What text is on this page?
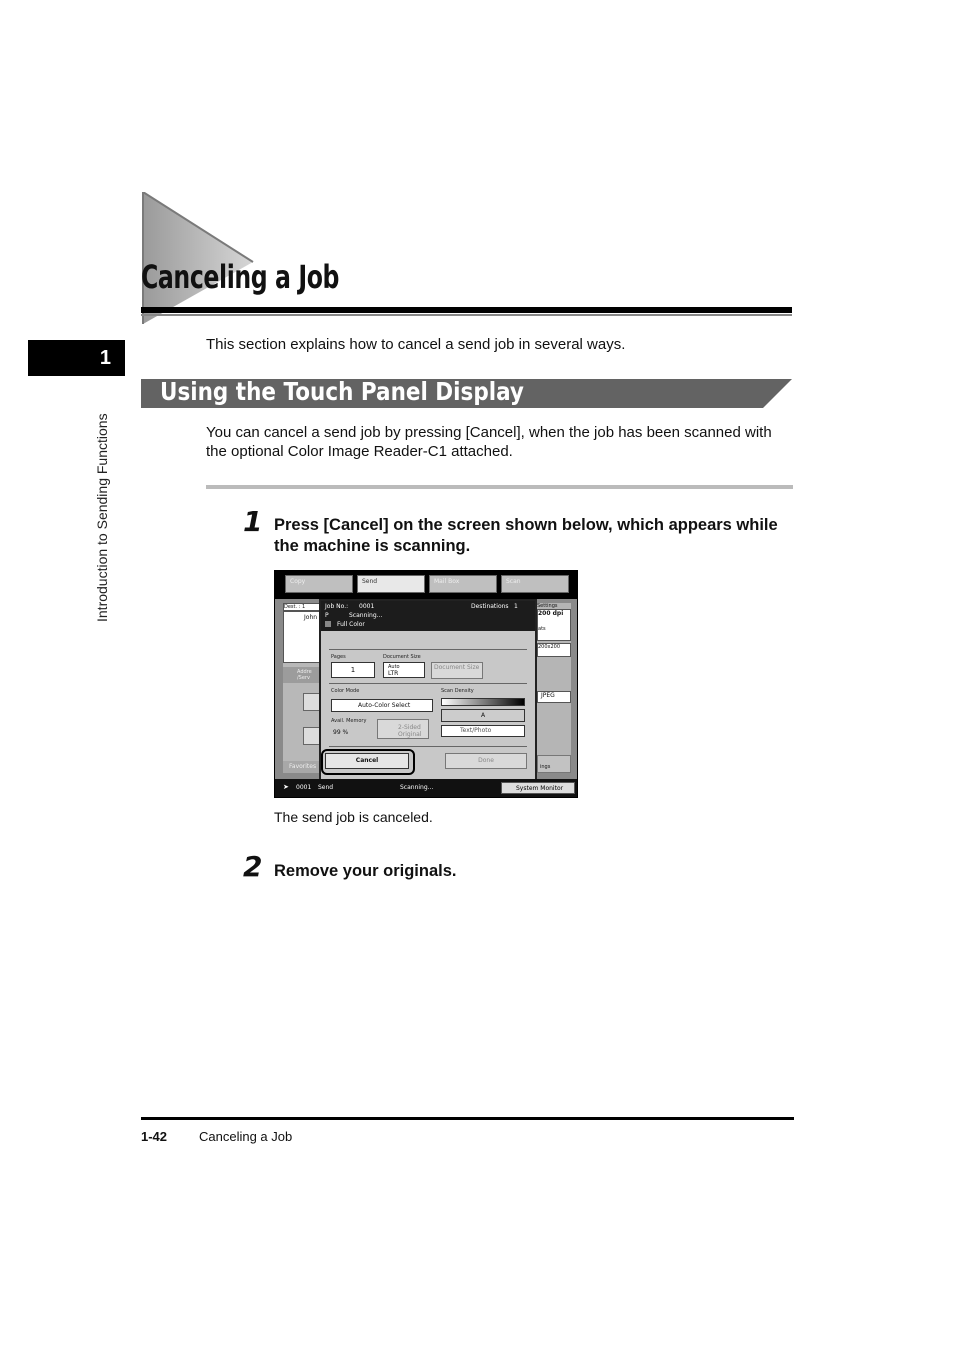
1
Introduction to Sending Functions
Canceling a Job
This section explains how to cancel a send job in several ways.
Using the Touch Panel Display
You can cancel a send job by pressing [Cancel], when the job has been scanned with the optional Color Image Reader-C1 attached.
1 Press [Cancel] on the screen shown below, which appears while the machine is scanning.
Copy	Send	Mail Box	Scan
Dest. : 1
John
Addre /Serv
Favorites
Settings
200 dpi
ats
200x200
JPEG
ings
Job No.: 0001	Destinations 1
P	Scanning...
Full Color
Pages
1
Document Size
Auto
LTR
Document Size
Color Mode
Auto-Color Select
Scan Density
A
Avail. Memory
99 %
2-Sided Original
Text/Photo
Cancel	Done
➤ 0001 Send	Scanning...	System Monitor
The send job is canceled.
2 Remove your originals.
1-42 Canceling a Job
